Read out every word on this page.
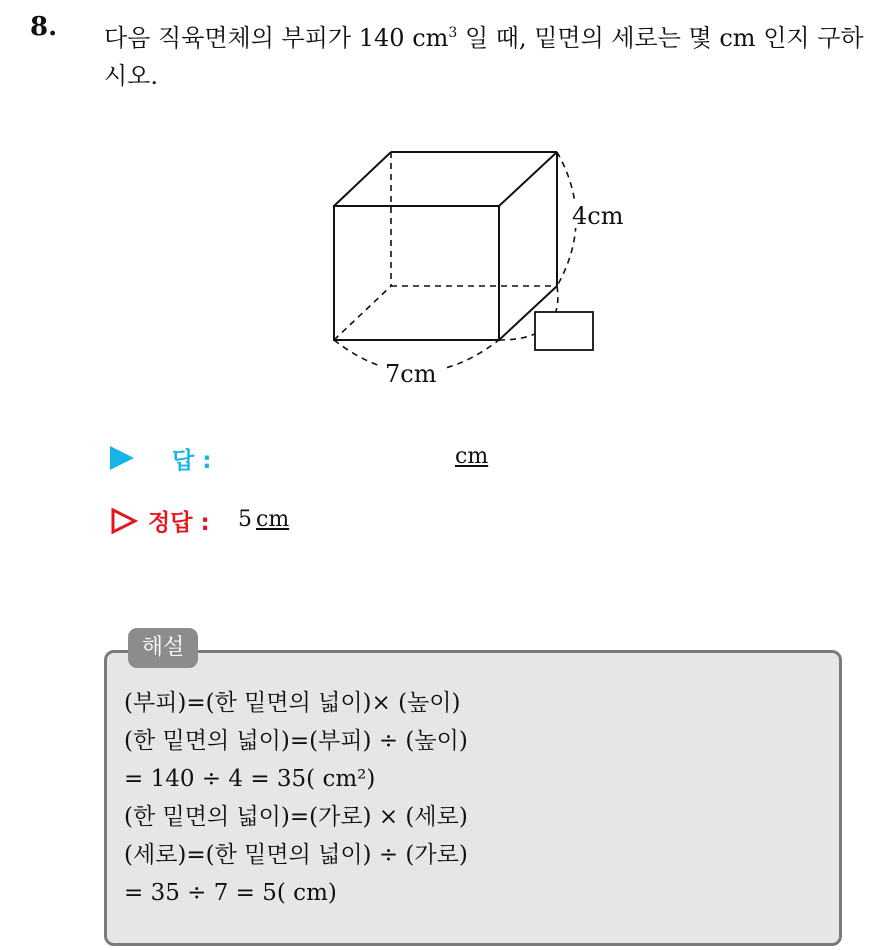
8. 다음 직육면체의 부피가 140 $cm^3$ 일 때, 밑면의 세로는 몇 cm 인지 구하시오.
4cm
7cm
답 :	cm
정답 : 5 cm
해설
(부피)=(한 밑면의 넓이)× (높이)
(한 밑면의 넓이)=(부피) ÷ (높이)
= 140 ÷ 4 = 35( cm²)
(한 밑면의 넓이)=(가로) × (세로)
(세로)=(한 밑면의 넓이) ÷ (가로)
= 35 ÷ 7 = 5( cm)
